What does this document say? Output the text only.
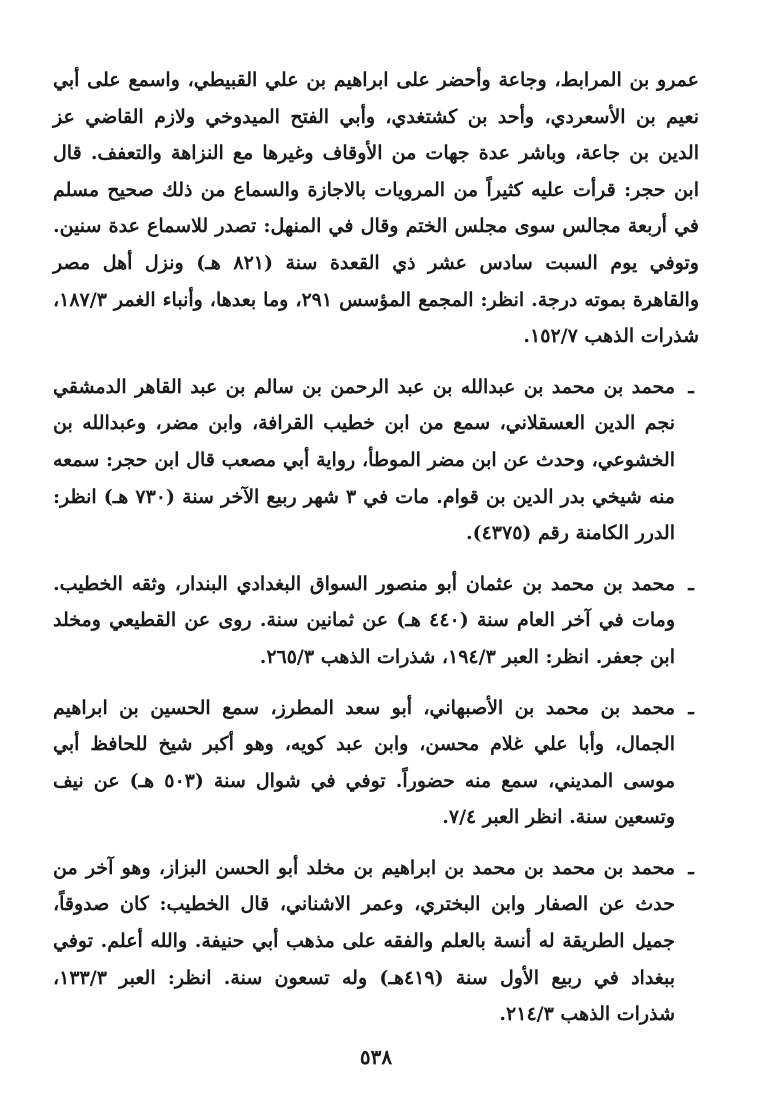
عمرو بن المرابط، وجاعة وأحضر على ابراهيم بن علي القبيطي، واسمع على أبي نعيم بن الأسعردي، وأحد بن كشتغدي، وأبي الفتح الميدوخي ولازم القاضي عز الدين بن جاعة، وباشر عدة جهات من الأوقاف وغيرها مع النزاهة والتعفف. قال ابن حجر: قرأت عليه كثيراً من المرويات بالاجازة والسماع من ذلك صحيح مسلم في أربعة مجالس سوى مجلس الختم وقال في المنهل: تصدر للاسماع عدة سنين. وتوفي يوم السبت سادس عشر ذي القعدة سنة (٨٢١ هـ) ونزل أهل مصر والقاهرة بموته درجة. انظر: المجمع المؤسس ٢٩١، وما بعدها، وأنباء الغمر ١٨٧/٣، شذرات الذهب ١٥٢/٧.

ـ

محمد بن محمد بن عبدالله بن عبد الرحمن بن سالم بن عبد القاهر الدمشقي نجم الدين العسقلاني، سمع من ابن خطيب القرافة، وابن مضر، وعبدالله بن الخشوعي، وحدث عن ابن مضر الموطأ، رواية أبي مصعب قال ابن حجر: سمعه منه شيخي بدر الدين بن قوام. مات في ٣ شهر ربيع الآخر سنة (٧٣٠ هـ) انظر: الدرر الكامنة رقم (٤٣٧٥).

ـ

محمد بن محمد بن عثمان أبو منصور السواق البغدادي البندار، وثقه الخطيب. ومات في آخر العام سنة (٤٤٠ هـ) عن ثمانين سنة. روى عن القطيعي ومخلد ابن جعفر. انظر: العبر ١٩٤/٣، شذرات الذهب ٢٦٥/٣.

ـ

محمد بن محمد بن الأصبهاني، أبو سعد المطرز، سمع الحسين بن ابراهيم الجمال، وأبا علي غلام محسن، وابن عبد كويه، وهو أكبر شيخ للحافظ أبي موسى المديني، سمع منه حضوراً. توفي في شوال سنة (٥٠٣ هـ) عن نيف وتسعين سنة. انظر العبر ٧/٤.

ـ

محمد بن محمد بن محمد بن ابراهيم بن مخلد أبو الحسن البزاز، وهو آخر من حدث عن الصفار وابن البختري، وعمر الاشناني، قال الخطيب: كان صدوقاً، جميل الطريقة له أنسة بالعلم والفقه على مذهب أبي حنيفة. والله أعلم. توفي ببغداد في ربيع الأول سنة (٤١٩هـ) وله تسعون سنة. انظر: العبر ١٣٣/٣، شذرات الذهب ٢١٤/٣.

٥٣٨
